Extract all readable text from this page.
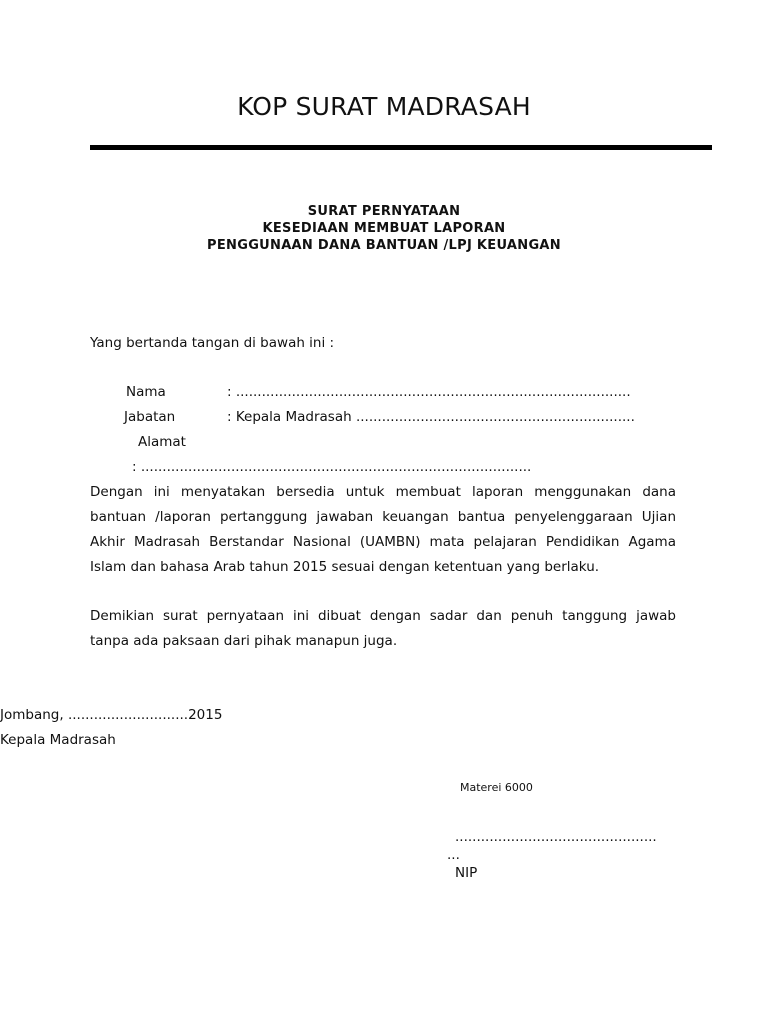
KOP SURAT MADRASAH
SURAT PERNYATAAN
KESEDIAAN MEMBUAT LAPORAN
PENGGUNAAN DANA BANTUAN /LPJ KEUANGAN
Yang bertanda tangan di bawah ini :
Nama	: ............................................................................................
Jabatan	: Kepala Madrasah .................................................................
Alamat
: ...........................................................................................
Dengan ini menyatakan bersedia untuk membuat laporan menggunakan dana
bantuan /laporan pertanggung jawaban keuangan bantua penyelenggaraan Ujian
Akhir Madrasah Berstandar Nasional (UAMBN) mata pelajaran Pendidikan Agama
Islam dan bahasa Arab tahun 2015 sesuai dengan ketentuan yang berlaku.
Demikian surat pernyataan ini dibuat dengan sadar dan penuh tanggung jawab
tanpa ada paksaan dari pihak manapun juga.
Jombang, ............................2015
Kepala Madrasah
Materei 6000
...............................................
...
NIP
